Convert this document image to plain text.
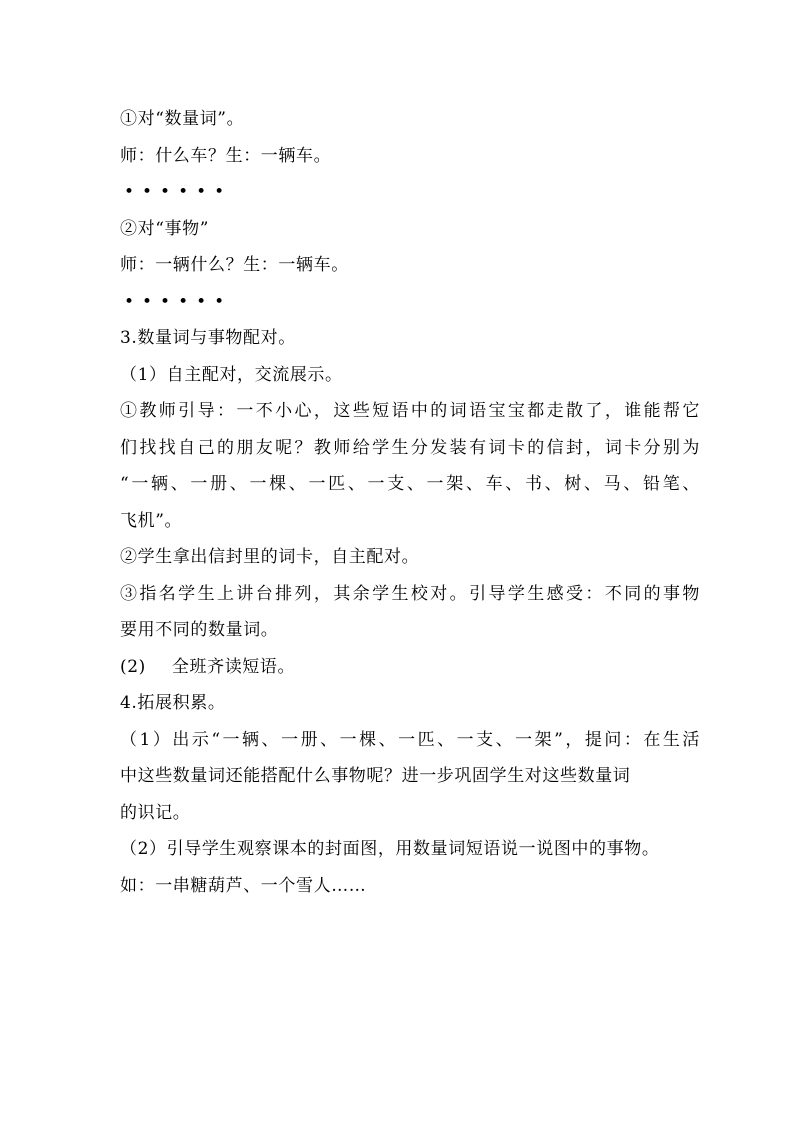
①对“数量词”。
师：什么车？生：一辆车。
••••••
②对“事物”
师：一辆什么？生：一辆车。
••••••
3.数量词与事物配对。
（1）自主配对，交流展示。
①教师引导：一不小心，这些短语中的词语宝宝都走散了，谁能帮它
们找找自己的朋友呢？教师给学生分发装有词卡的信封，词卡分别为
“一辆、一册、一棵、一匹、一支、一架、车、书、树、马、铅笔、
飞机”。
②学生拿出信封里的词卡，自主配对。
③指名学生上讲台排列，其余学生校对。引导学生感受：不同的事物
要用不同的数量词。
(2) 全班齐读短语。
4.拓展积累。
（1）出示“一辆、一册、一棵、一匹、一支、一架”，提问：在生活
中这些数量词还能搭配什么事物呢？进一步巩固学生对这些数量词
的识记。
（2）引导学生观察课本的封面图，用数量词短语说一说图中的事物。
如：一串糖葫芦、一个雪人……
